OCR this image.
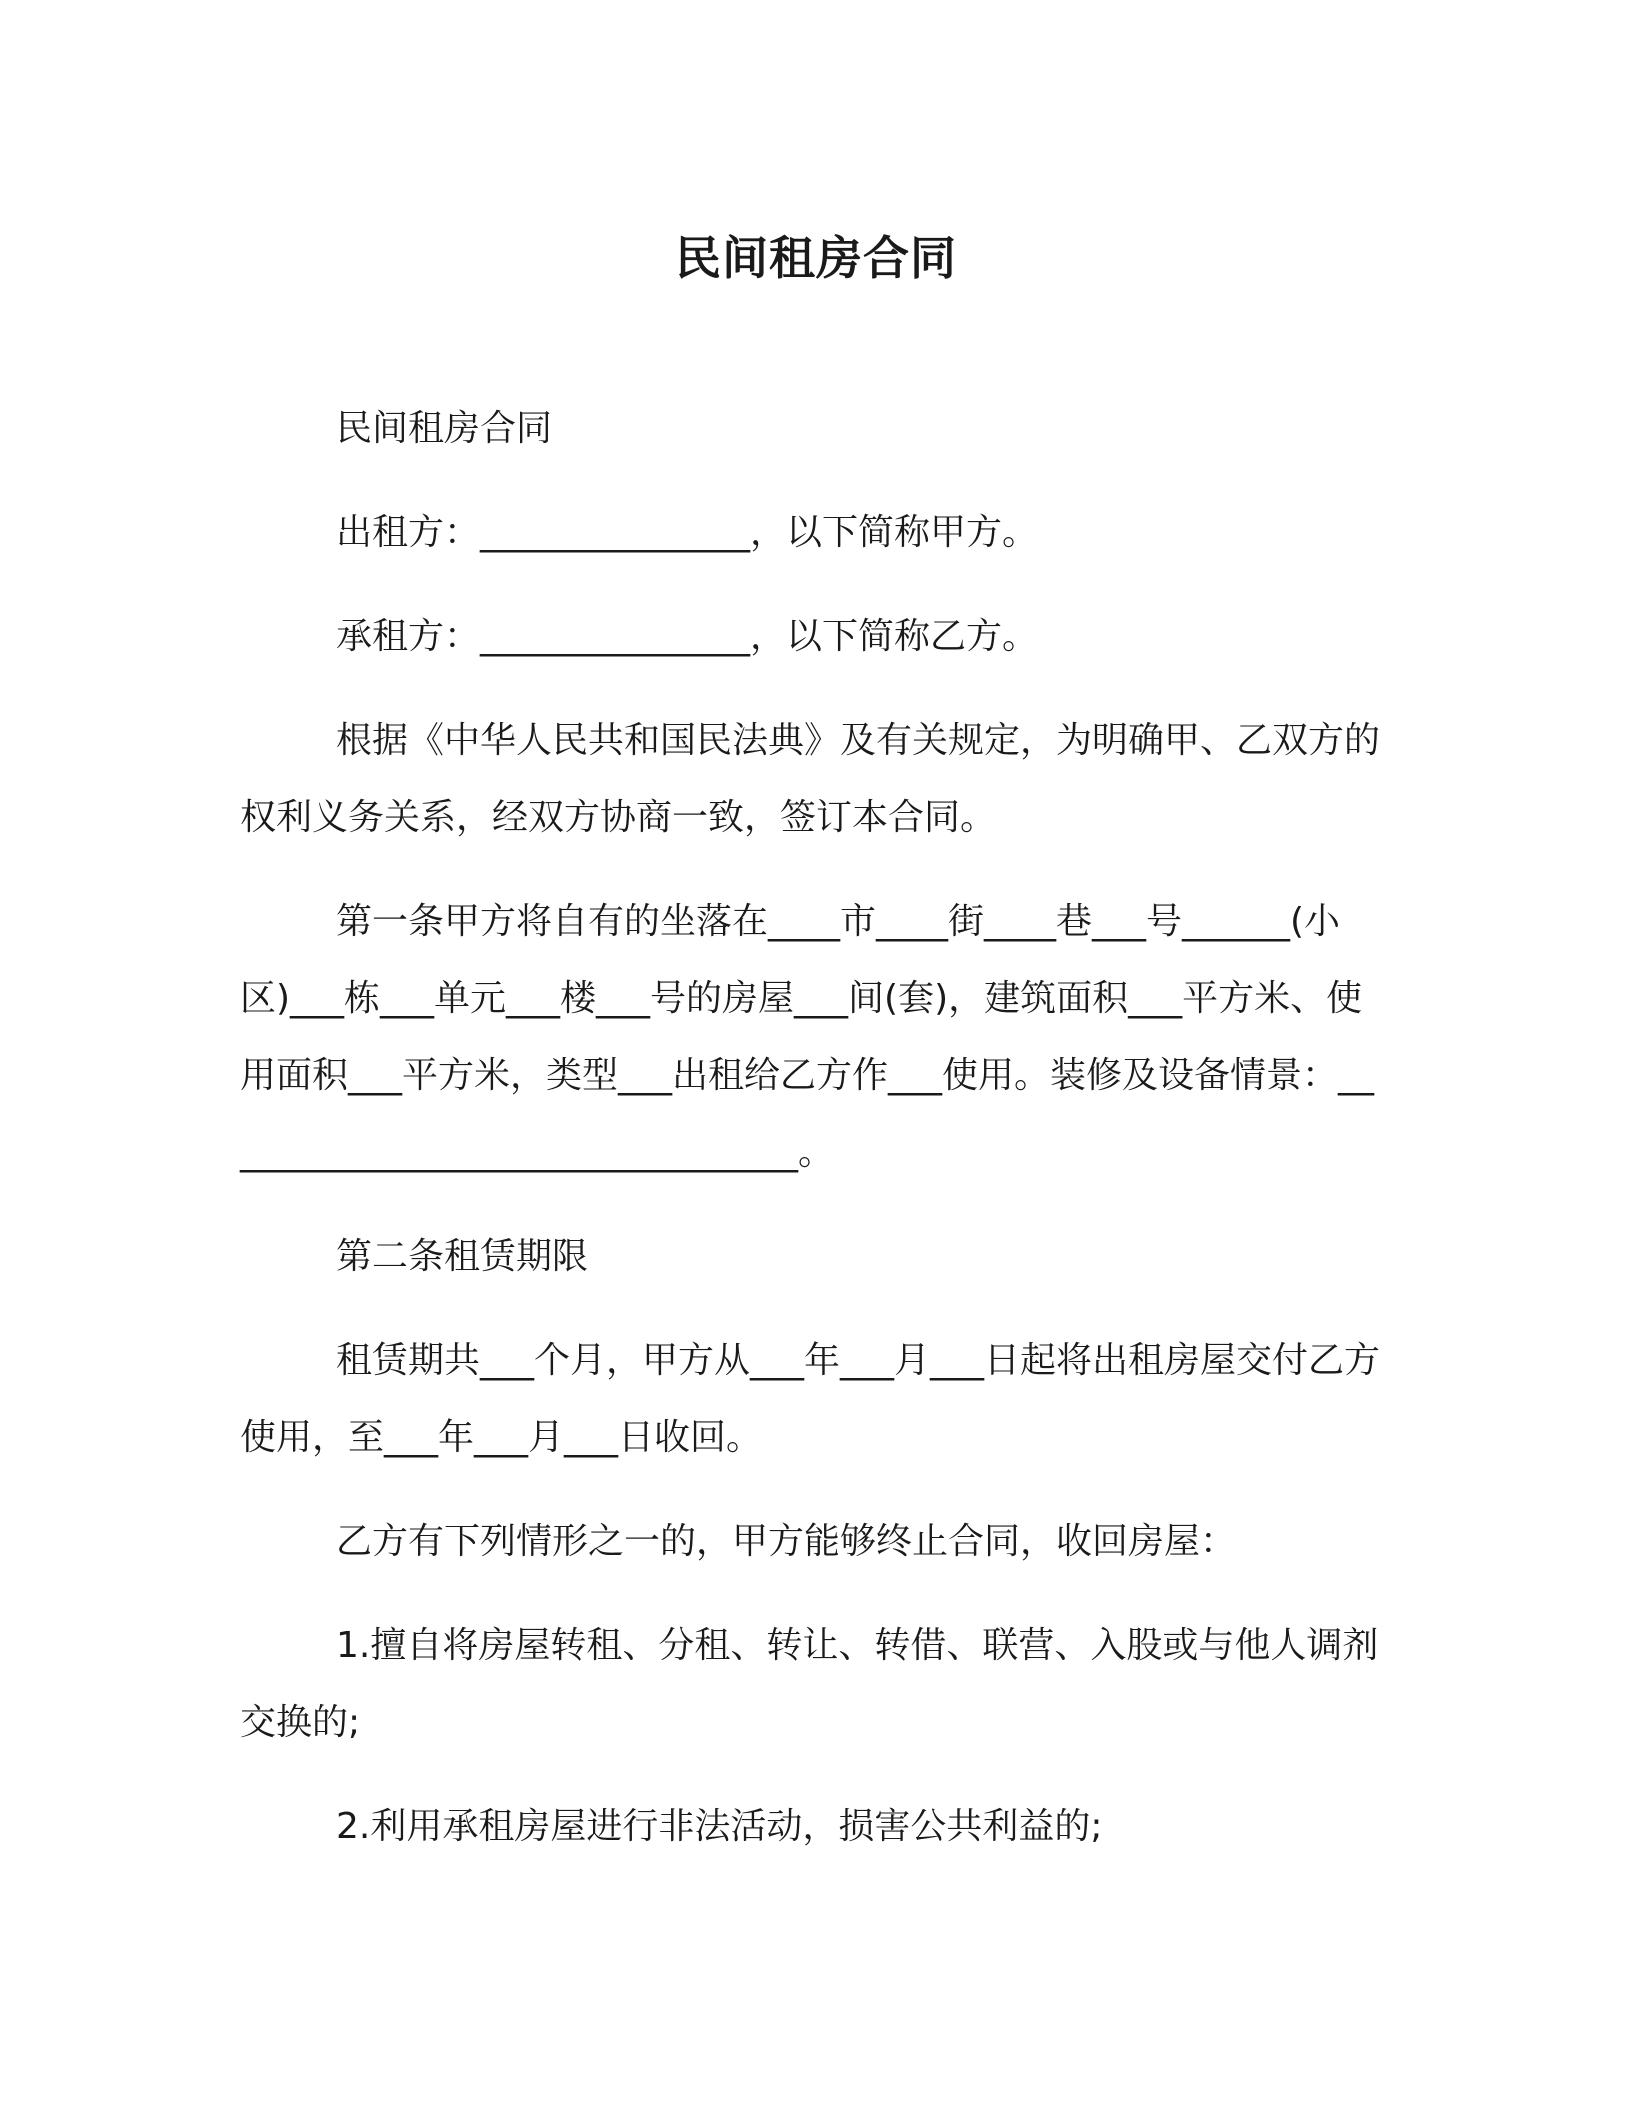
民间租房合同

民间租房合同

出租方：_______________，以下简称甲方。

承租方：_______________，以下简称乙方。

根据《中华人民共和国民法典》及有关规定，为明确甲、乙双方的权利义务关系，经双方协商一致，签订本合同。

第一条甲方将自有的坐落在____市____街____巷___号______(小区)___栋___单元___楼___号的房屋___间(套)，建筑面积___平方米、使用面积___平方米，类型___出租给乙方作___使用。装修及设备情景：_________________________________。

第二条租赁期限

租赁期共___个月，甲方从___年___月___日起将出租房屋交付乙方使用，至___年___月___日收回。

乙方有下列情形之一的，甲方能够终止合同，收回房屋：

1.擅自将房屋转租、分租、转让、转借、联营、入股或与他人调剂交换的;

2.利用承租房屋进行非法活动，损害公共利益的;
